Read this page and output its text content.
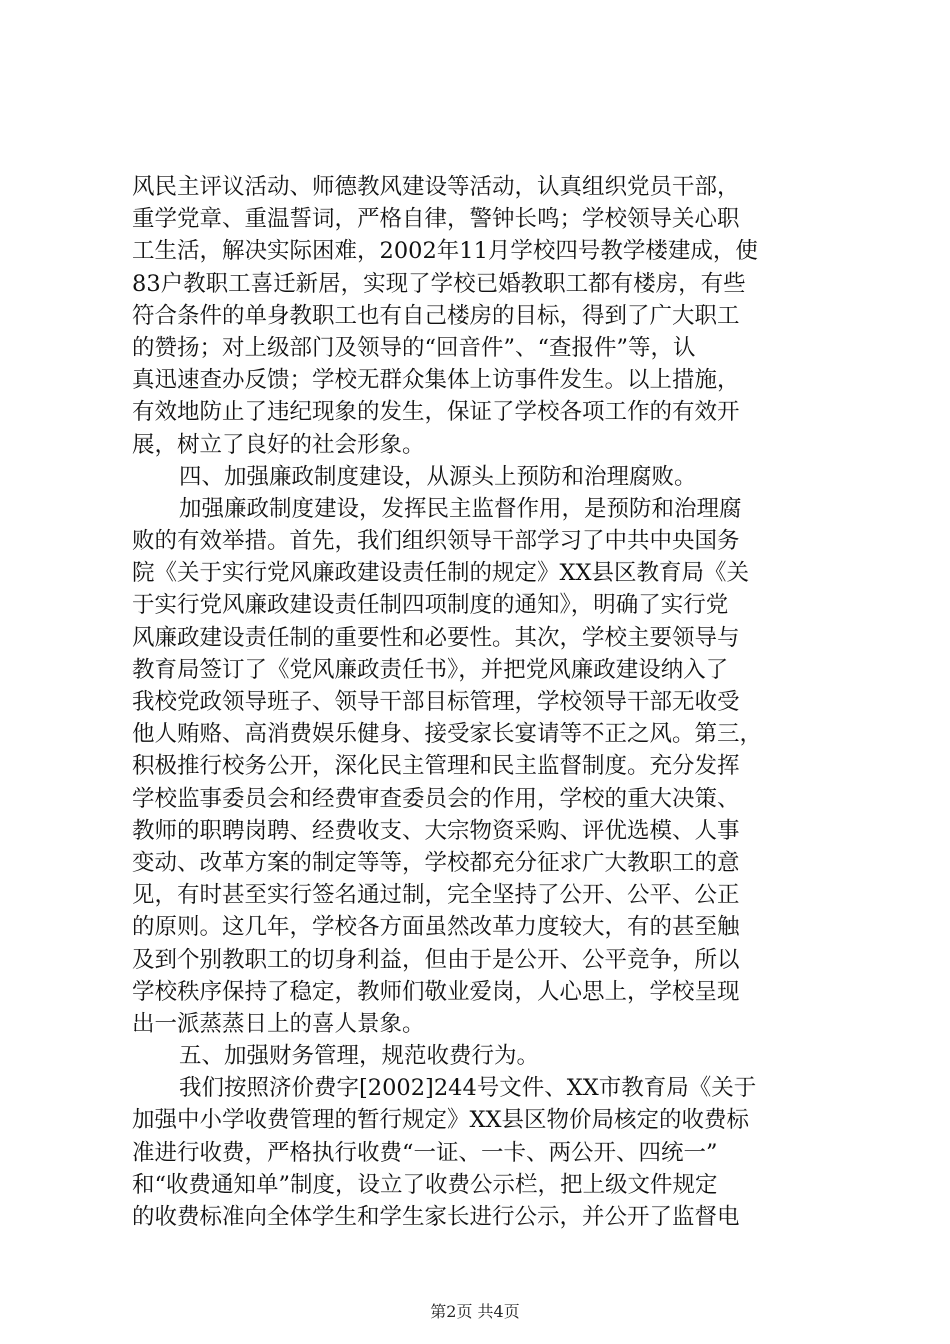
风民主评议活动、师德教风建设等活动，认真组织党员干部，
重学党章、重温誓词，严格自律，警钟长鸣；学校领导关心职
工生活，解决实际困难，2002年11月学校四号教学楼建成，使
83户教职工喜迁新居，实现了学校已婚教职工都有楼房，有些
符合条件的单身教职工也有自己楼房的目标，得到了广大职工
的赞扬；对上级部门及领导的“回音件”、“查报件”等，认
真迅速查办反馈；学校无群众集体上访事件发生。以上措施，
有效地防止了违纪现象的发生，保证了学校各项工作的有效开
展，树立了良好的社会形象。
四、加强廉政制度建设，从源头上预防和治理腐败。
加强廉政制度建设，发挥民主监督作用，是预防和治理腐
败的有效举措。首先，我们组织领导干部学习了中共中央国务
院《关于实行党风廉政建设责任制的规定》XX县区教育局《关
于实行党风廉政建设责任制四项制度的通知》，明确了实行党
风廉政建设责任制的重要性和必要性。其次，学校主要领导与
教育局签订了《党风廉政责任书》，并把党风廉政建设纳入了
我校党政领导班子、领导干部目标管理，学校领导干部无收受
他人贿赂、高消费娱乐健身、接受家长宴请等不正之风。第三，
积极推行校务公开，深化民主管理和民主监督制度。充分发挥
学校监事委员会和经费审查委员会的作用，学校的重大决策、
教师的职聘岗聘、经费收支、大宗物资采购、评优选模、人事
变动、改革方案的制定等等，学校都充分征求广大教职工的意
见，有时甚至实行签名通过制，完全坚持了公开、公平、公正
的原则。这几年，学校各方面虽然改革力度较大，有的甚至触
及到个别教职工的切身利益，但由于是公开、公平竞争，所以
学校秩序保持了稳定，教师们敬业爱岗，人心思上，学校呈现
出一派蒸蒸日上的喜人景象。
五、加强财务管理，规范收费行为。
我们按照济价费字[2002]244号文件、XX市教育局《关于
加强中小学收费管理的暂行规定》XX县区物价局核定的收费标
准进行收费，严格执行收费“一证、一卡、两公开、四统一”
和“收费通知单”制度，设立了收费公示栏，把上级文件规定
的收费标准向全体学生和学生家长进行公示，并公开了监督电
第2页 共4页
